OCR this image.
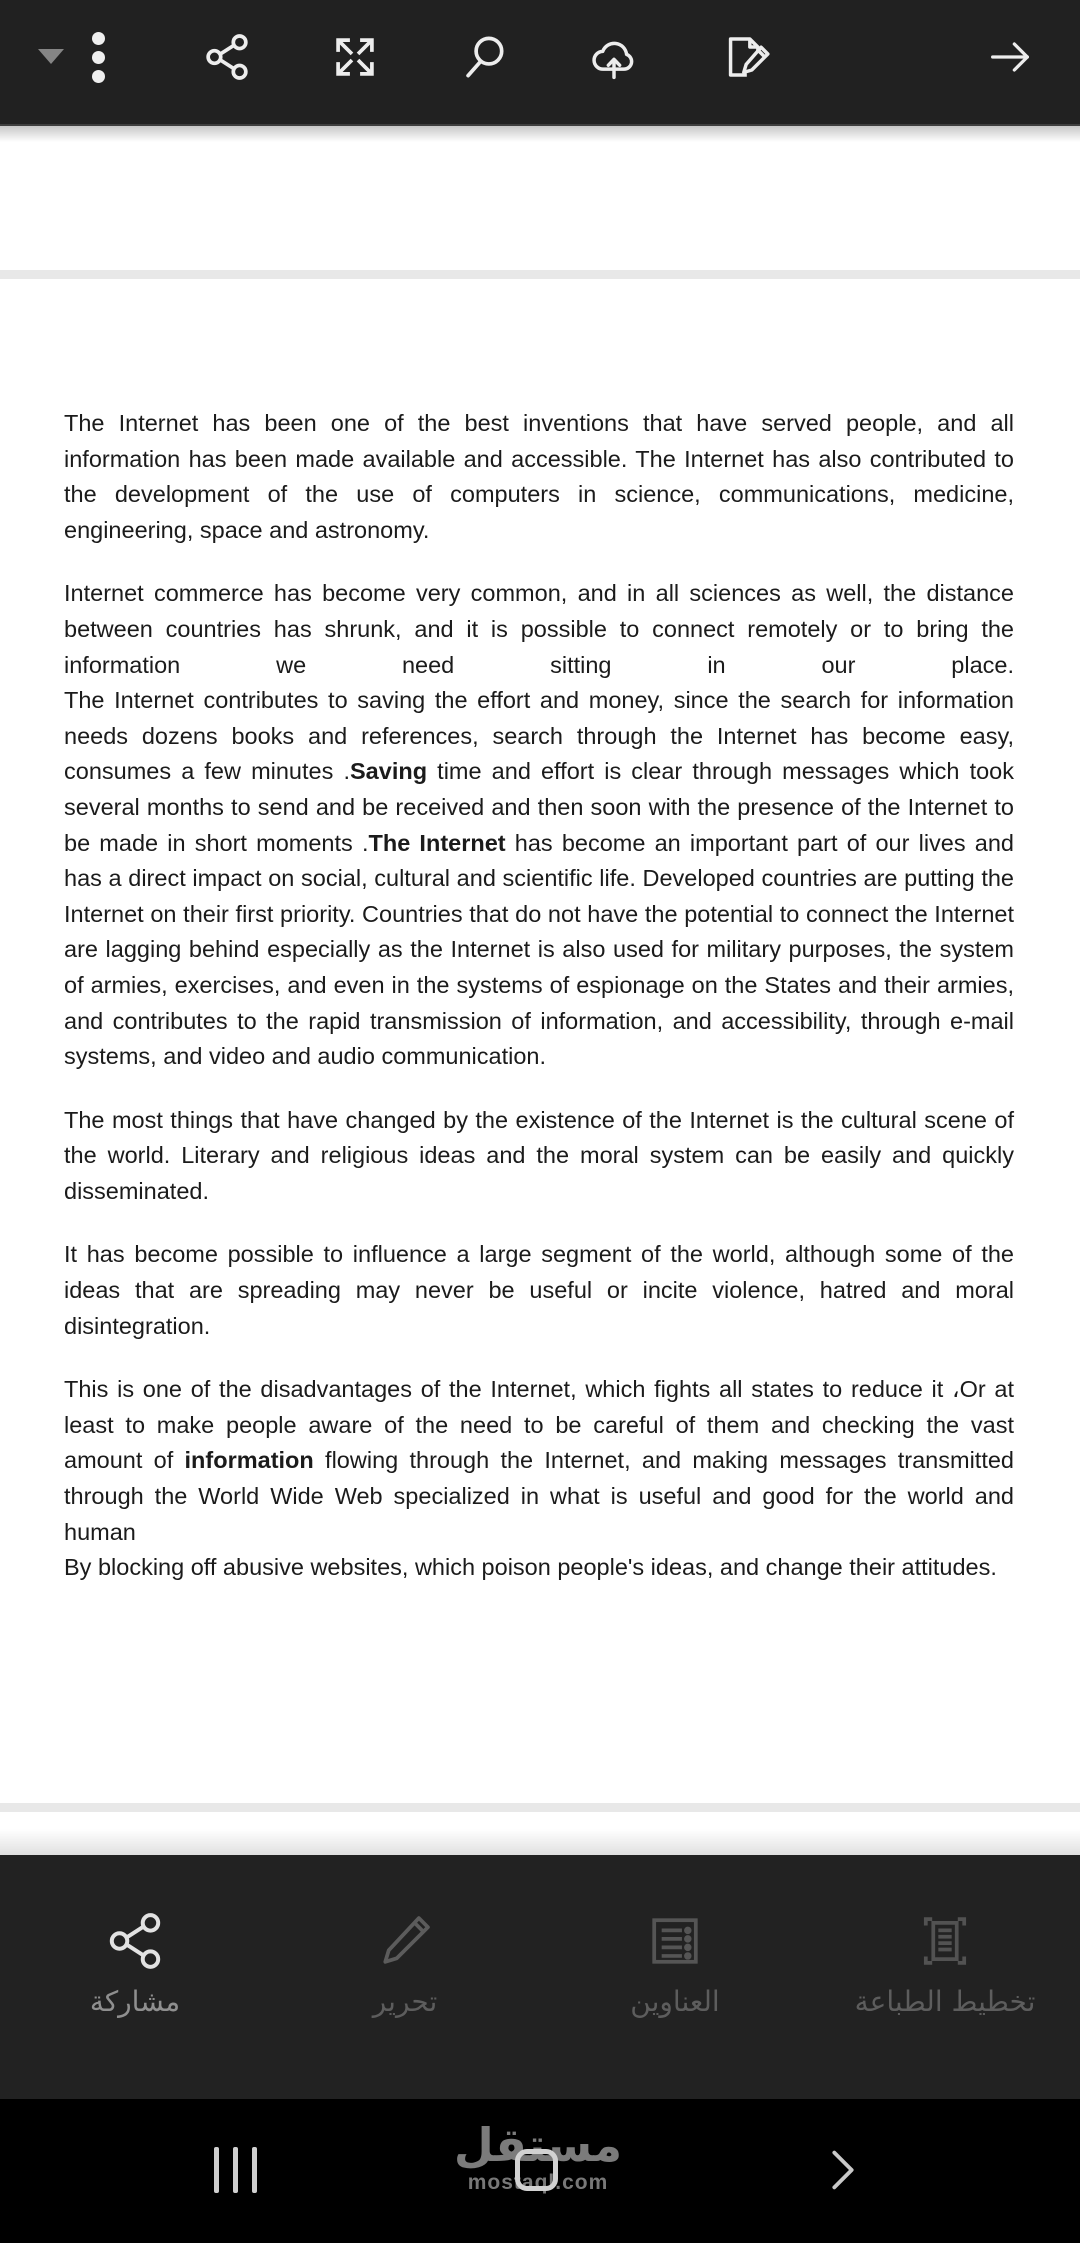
The Internet has been one of the best inventions that have served people, and all information has been made available and accessible. The Internet has also contributed to the development of the use of computers in science, communications, medicine, engineering, space and astronomy.
Internet commerce has become very common, and in all sciences as well, the distance between countries has shrunk, and it is possible to connect remotely or to bring the information we need sitting in our place.
The Internet contributes to saving the effort and money, since the search for information needs dozens books and references, search through the Internet has become easy, consumes a few minutes .Saving time and effort is clear through messages which took several months to send and be received and then soon with the presence of the Internet to be made in short moments .The Internet has become an important part of our lives and has a direct impact on social, cultural and scientific life. Developed countries are putting the Internet on their first priority. Countries that do not have the potential to connect the Internet are lagging behind especially as the Internet is also used for military purposes, the system of armies, exercises, and even in the systems of espionage on the States and their armies, and contributes to the rapid transmission of information, and accessibility, through e-mail systems, and video and audio communication.
The most things that have changed by the existence of the Internet is the cultural scene of the world. Literary and religious ideas and the moral system can be easily and quickly disseminated.
It has become possible to influence a large segment of the world, although some of the ideas that are spreading may never be useful or incite violence, hatred and moral disintegration.
This is one of the disadvantages of the Internet, which fights all states to reduce it ،Or at least to make people aware of the need to be careful of them and checking the vast amount of information flowing through the Internet, and making messages transmitted through the World Wide Web specialized in what is useful and good for the world and human
By blocking off abusive websites, which poison people's ideas, and change their attitudes.
مشاركة	تحرير	العناوين	تخطيط الطباعة
مستقل
mostaql.com
